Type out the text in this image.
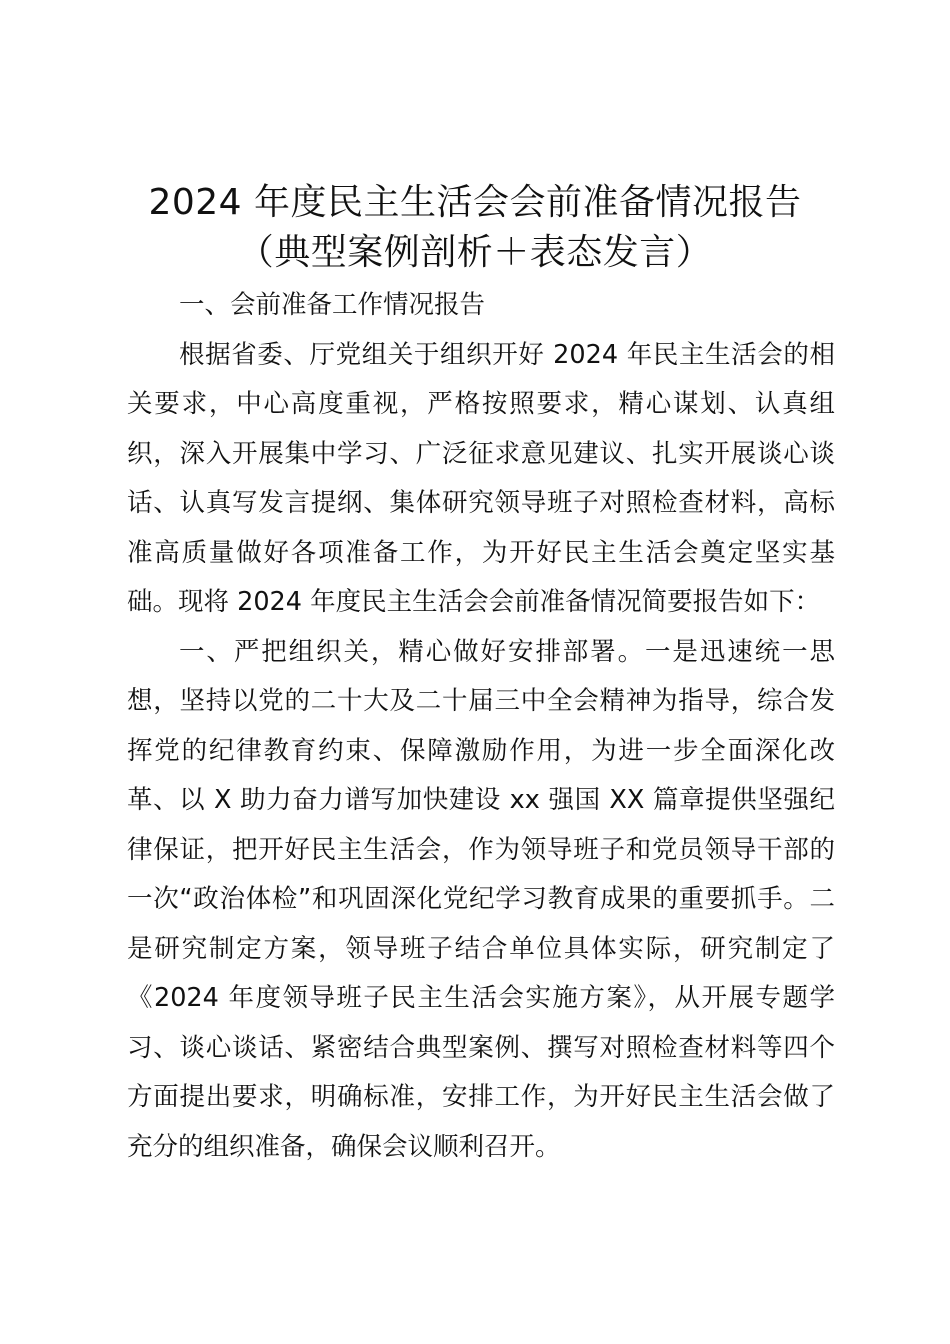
2024 年度民主生活会会前准备情况报告（典型案例剖析＋表态发言）

一、会前准备工作情况报告

根据省委、厅党组关于组织开好 2024 年民主生活会的相关要求，中心高度重视，严格按照要求，精心谋划、认真组织，深入开展集中学习、广泛征求意见建议、扎实开展谈心谈话、认真写发言提纲、集体研究领导班子对照检查材料，高标准高质量做好各项准备工作，为开好民主生活会奠定坚实基础。现将 2024 年度民主生活会会前准备情况简要报告如下：

一、严把组织关，精心做好安排部署。一是迅速统一思想，坚持以党的二十大及二十届三中全会精神为指导，综合发挥党的纪律教育约束、保障激励作用，为进一步全面深化改革、以 X 助力奋力谱写加快建设 xx 强国 XX 篇章提供坚强纪律保证，把开好民主生活会，作为领导班子和党员领导干部的一次“政治体检”和巩固深化党纪学习教育成果的重要抓手。二是研究制定方案，领导班子结合单位具体实际，研究制定了《2024 年度领导班子民主生活会实施方案》，从开展专题学习、谈心谈话、紧密结合典型案例、撰写对照检查材料等四个方面提出要求，明确标准，安排工作，为开好民主生活会做了充分的组织准备，确保会议顺利召开。
